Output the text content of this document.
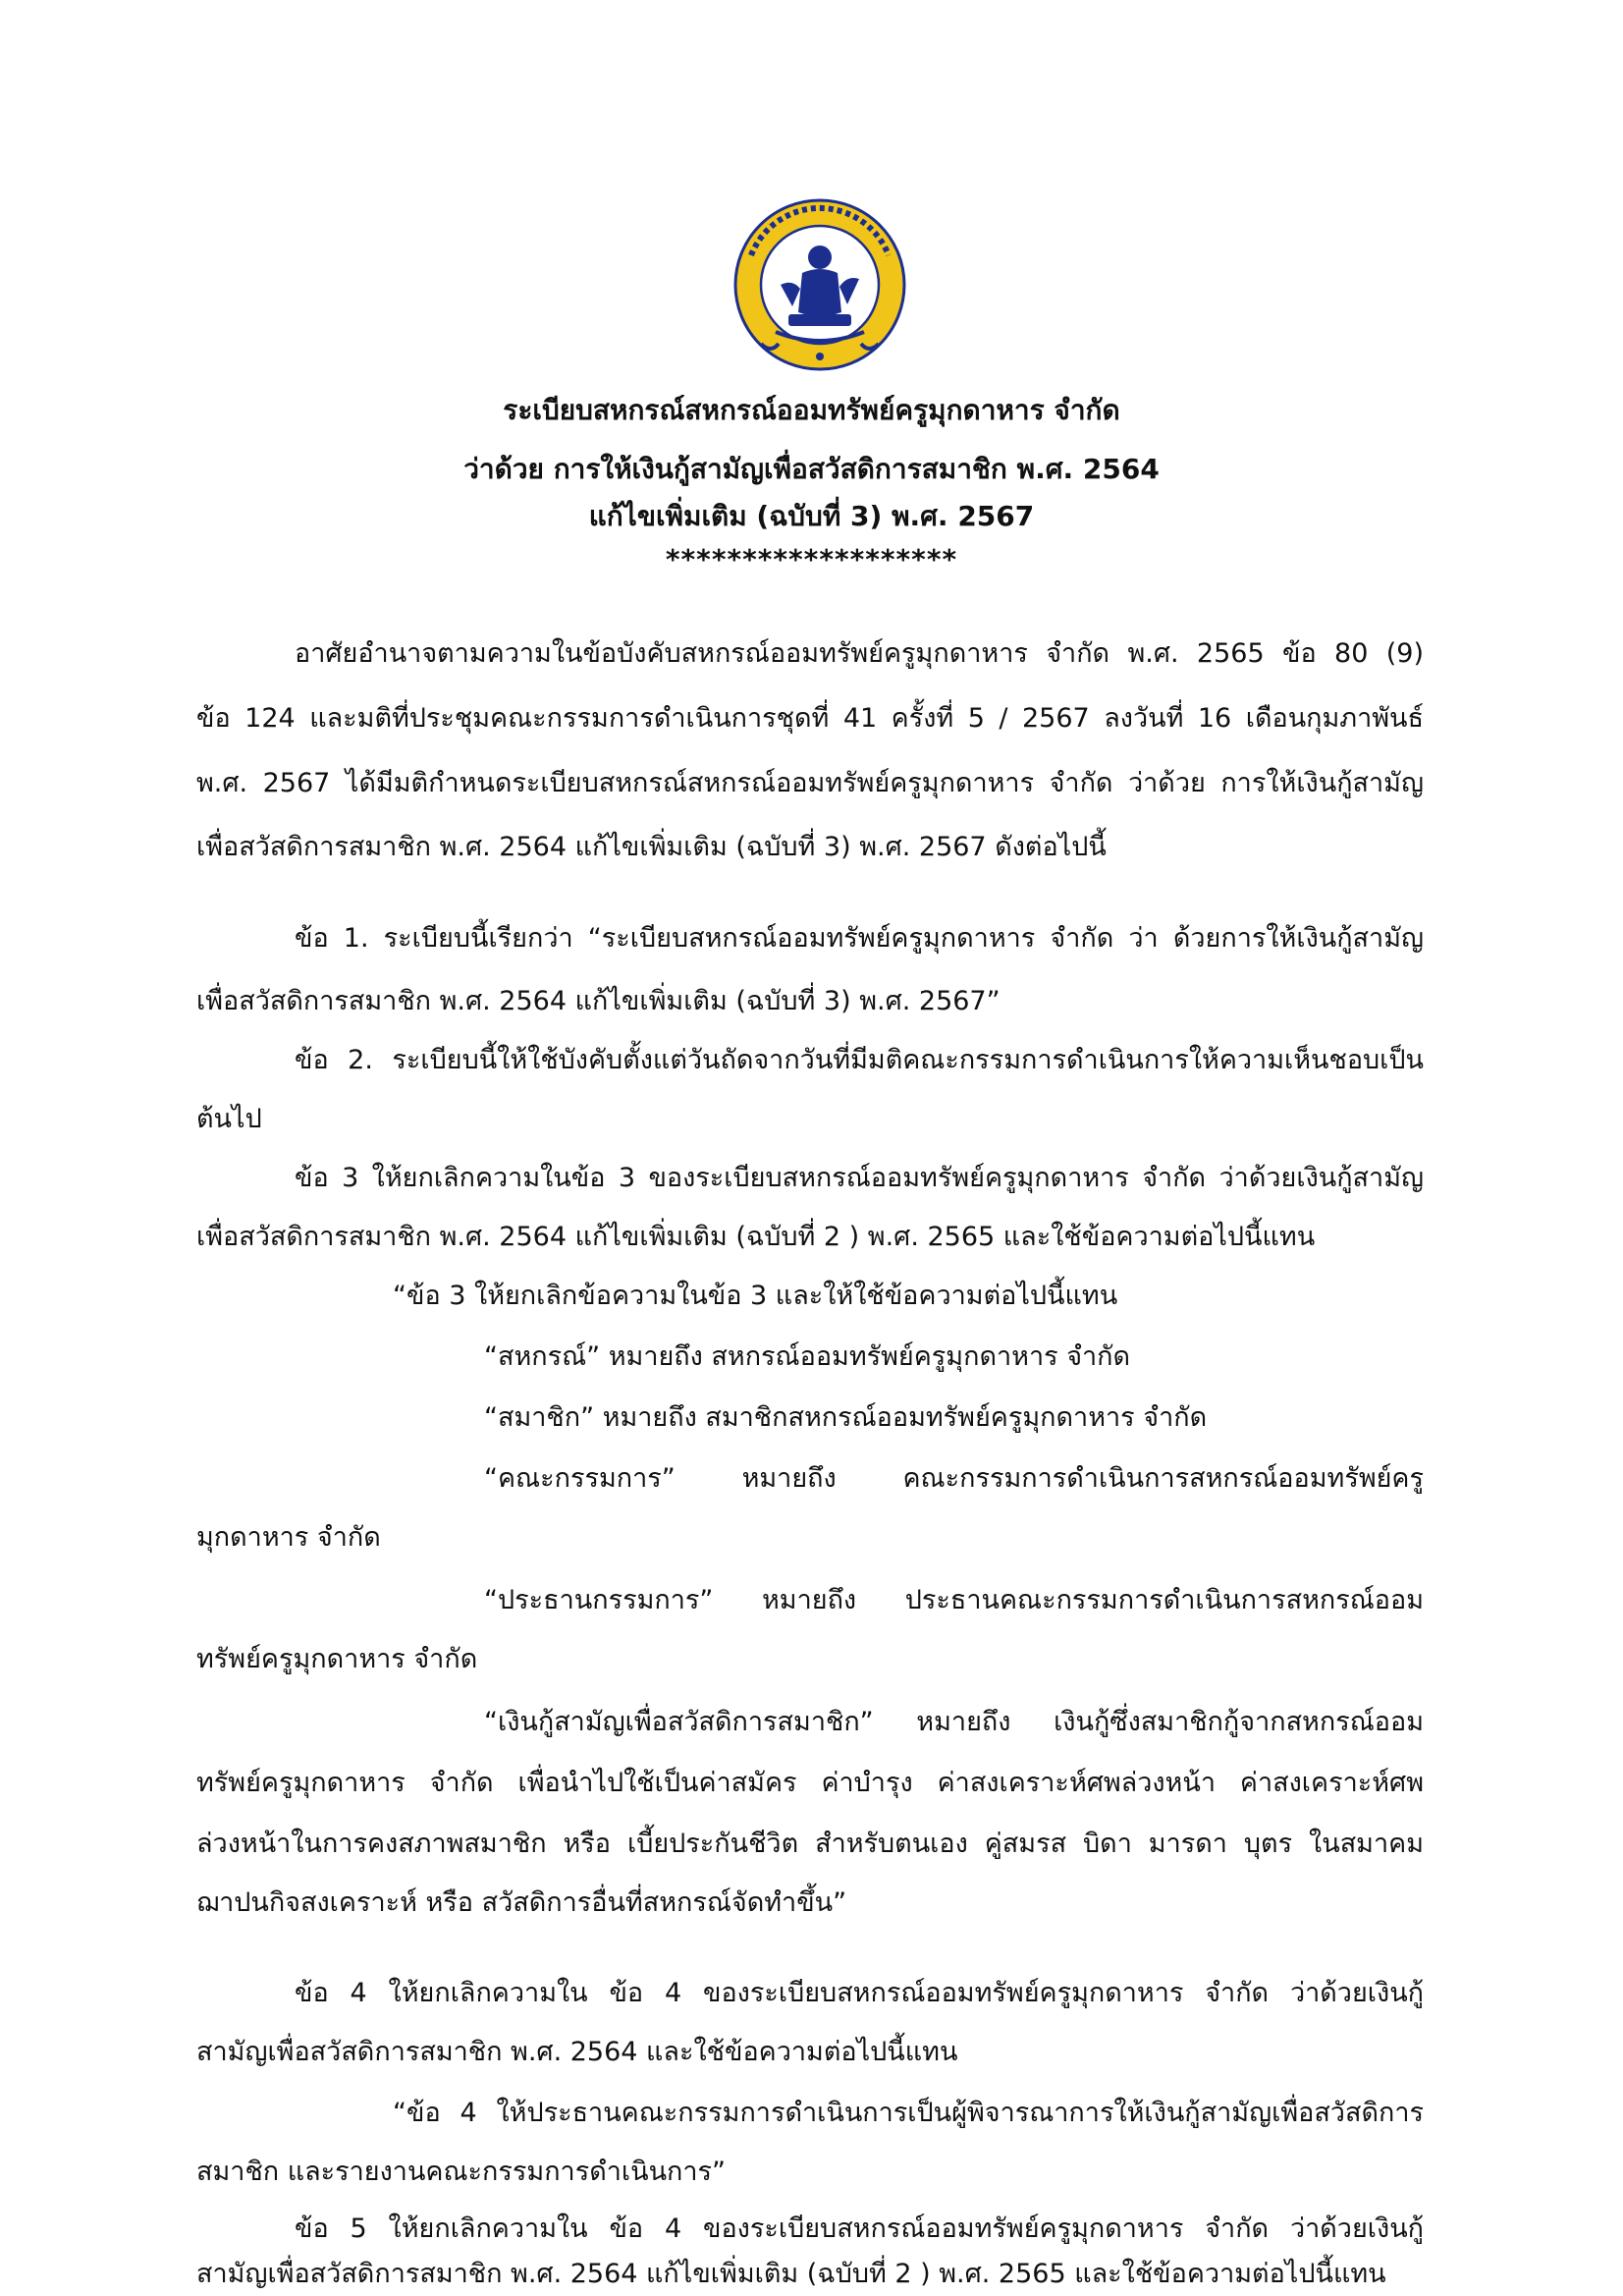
ระเบียบสหกรณ์สหกรณ์ออมทรัพย์ครูมุกดาหาร จำกัด
ว่าด้วย การให้เงินกู้สามัญเพื่อสวัสดิการสมาชิก พ.ศ. 2564
แก้ไขเพิ่มเติม (ฉบับที่ 3) พ.ศ. 2567
*******************
อาศัยอำนาจตามความในข้อบังคับสหกรณ์ออมทรัพย์ครูมุกดาหาร จำกัด พ.ศ. 2565 ข้อ 80 (9)
ข้อ 124 และมติที่ประชุมคณะกรรมการดำเนินการชุดที่ 41 ครั้งที่ 5 / 2567 ลงวันที่ 16 เดือนกุมภาพันธ์
พ.ศ. 2567 ได้มีมติกำหนดระเบียบสหกรณ์สหกรณ์ออมทรัพย์ครูมุกดาหาร จำกัด ว่าด้วย การให้เงินกู้สามัญ
เพื่อสวัสดิการสมาชิก พ.ศ. 2564 แก้ไขเพิ่มเติม (ฉบับที่ 3) พ.ศ. 2567 ดังต่อไปนี้
ข้อ 1. ระเบียบนี้เรียกว่า “ระเบียบสหกรณ์ออมทรัพย์ครูมุกดาหาร จำกัด ว่า ด้วยการให้เงินกู้สามัญ
เพื่อสวัสดิการสมาชิก พ.ศ. 2564 แก้ไขเพิ่มเติม (ฉบับที่ 3) พ.ศ. 2567”
ข้อ 2. ระเบียบนี้ให้ใช้บังคับตั้งแต่วันถัดจากวันที่มีมติคณะกรรมการดำเนินการให้ความเห็นชอบเป็น
ต้นไป
ข้อ 3 ให้ยกเลิกความในข้อ 3 ของระเบียบสหกรณ์ออมทรัพย์ครูมุกดาหาร จำกัด ว่าด้วยเงินกู้สามัญ
เพื่อสวัสดิการสมาชิก พ.ศ. 2564 แก้ไขเพิ่มเติม (ฉบับที่ 2 ) พ.ศ. 2565 และใช้ข้อความต่อไปนี้แทน
“ข้อ 3 ให้ยกเลิกข้อความในข้อ 3 และให้ใช้ข้อความต่อไปนี้แทน
“สหกรณ์” หมายถึง สหกรณ์ออมทรัพย์ครูมุกดาหาร จำกัด
“สมาชิก” หมายถึง สมาชิกสหกรณ์ออมทรัพย์ครูมุกดาหาร จำกัด
“คณะกรรมการ” หมายถึง คณะกรรมการดำเนินการสหกรณ์ออมทรัพย์ครู
มุกดาหาร จำกัด
“ประธานกรรมการ” หมายถึง ประธานคณะกรรมการดำเนินการสหกรณ์ออม
ทรัพย์ครูมุกดาหาร จำกัด
“เงินกู้สามัญเพื่อสวัสดิการสมาชิก” หมายถึง เงินกู้ซึ่งสมาชิกกู้จากสหกรณ์ออม
ทรัพย์ครูมุกดาหาร จำกัด เพื่อนำไปใช้เป็นค่าสมัคร ค่าบำรุง ค่าสงเคราะห์ศพล่วงหน้า ค่าสงเคราะห์ศพ
ล่วงหน้าในการคงสภาพสมาชิก หรือ เบี้ยประกันชีวิต สำหรับตนเอง คู่สมรส บิดา มารดา บุตร ในสมาคม
ฌาปนกิจสงเคราะห์ หรือ สวัสดิการอื่นที่สหกรณ์จัดทำขึ้น”
ข้อ 4 ให้ยกเลิกความใน ข้อ 4 ของระเบียบสหกรณ์ออมทรัพย์ครูมุกดาหาร จำกัด ว่าด้วยเงินกู้
สามัญเพื่อสวัสดิการสมาชิก พ.ศ. 2564 และใช้ข้อความต่อไปนี้แทน
“ข้อ 4 ให้ประธานคณะกรรมการดำเนินการเป็นผู้พิจารณาการให้เงินกู้สามัญเพื่อสวัสดิการ
สมาชิก และรายงานคณะกรรมการดำเนินการ”
ข้อ 5 ให้ยกเลิกความใน ข้อ 4 ของระเบียบสหกรณ์ออมทรัพย์ครูมุกดาหาร จำกัด ว่าด้วยเงินกู้
สามัญเพื่อสวัสดิการสมาชิก พ.ศ. 2564 แก้ไขเพิ่มเติม (ฉบับที่ 2 ) พ.ศ. 2565 และใช้ข้อความต่อไปนี้แทน
